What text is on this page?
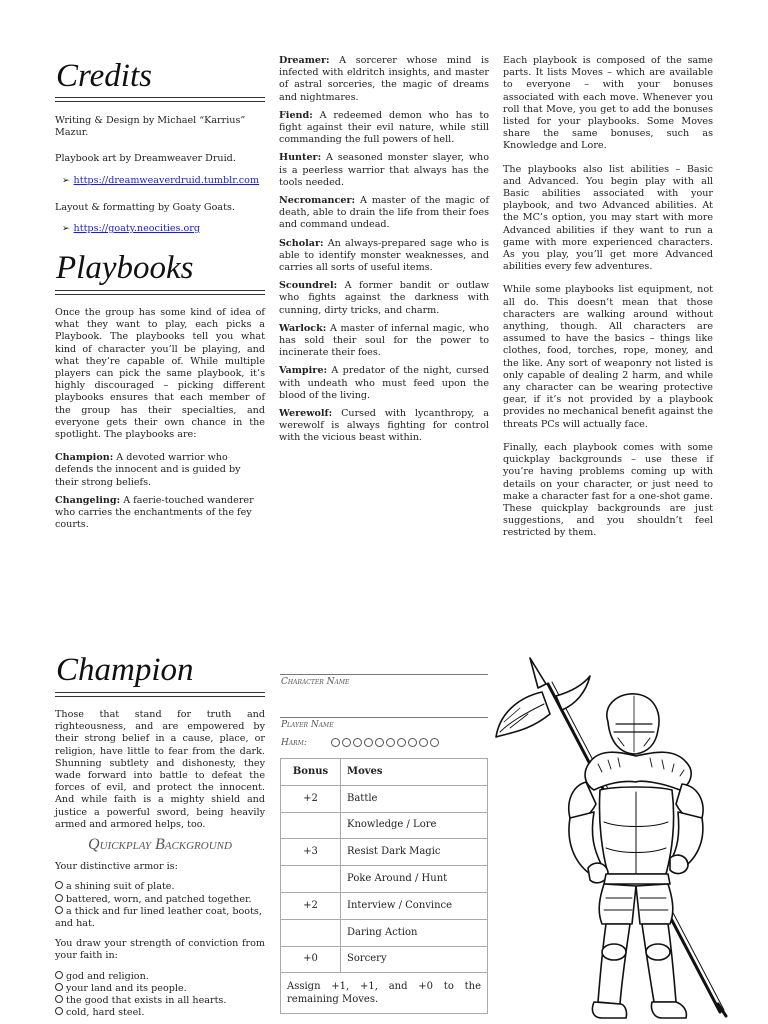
Credits

Writing & Design by Michael “Karrius” Mazur.

Playbook art by Dreamweaver Druid.

➢ https://dreamweaverdruid.tumblr.com

Layout & formatting by Goaty Goats.

➢ https://goaty.neocities.org
Playbooks

Once the group has some kind of idea of what they want to play, each picks a Playbook. The playbooks tell you what kind of character you’ll be playing, and what they’re capable of. While multiple players can pick the same playbook, it’s highly discouraged – picking different playbooks ensures that each member of the group has their specialties, and everyone gets their own chance in the spotlight. The playbooks are:

Champion: A devoted warrior who defends the innocent and is guided by their strong beliefs.
Changeling: A faerie-touched wanderer who carries the enchantments of the fey courts.
Dreamer: A sorcerer whose mind is infected with eldritch insights, and master of astral sorceries, the magic of dreams and nightmares.
Fiend: A redeemed demon who has to fight against their evil nature, while still commanding the full powers of hell.
Hunter: A seasoned monster slayer, who is a peerless warrior that always has the tools needed.
Necromancer: A master of the magic of death, able to drain the life from their foes and command undead.
Scholar: An always-prepared sage who is able to identify monster weaknesses, and carries all sorts of useful items.
Scoundrel: A former bandit or outlaw who fights against the darkness with cunning, dirty tricks, and charm.
Warlock: A master of infernal magic, who has sold their soul for the power to incinerate their foes.
Vampire: A predator of the night, cursed with undeath who must feed upon the blood of the living.
Werewolf: Cursed with lycanthropy, a werewolf is always fighting for control with the vicious beast within.

Each playbook is composed of the same parts. It lists Moves – which are available to everyone – with your bonuses associated with each move. Whenever you roll that Move, you get to add the bonuses listed for your playbooks. Some Moves share the same bonuses, such as Knowledge and Lore.

The playbooks also list abilities – Basic and Advanced. You begin play with all Basic abilities associated with your playbook, and two Advanced abilities. At the MC’s option, you may start with more Advanced abilities if they want to run a game with more experienced characters. As you play, you’ll get more Advanced abilities every few adventures.

While some playbooks list equipment, not all do. This doesn’t mean that those characters are walking around without anything, though. All characters are assumed to have the basics – things like clothes, food, torches, rope, money, and the like. Any sort of weaponry not listed is only capable of dealing 2 harm, and while any character can be wearing protective gear, if it’s not provided by a playbook provides no mechanical benefit against the threats PCs will actually face.

Finally, each playbook comes with some quickplay backgrounds – use these if you’re having problems coming up with details on your character, or just need to make a character fast for a one-shot game. These quickplay backgrounds are just suggestions, and you shouldn’t feel restricted by them.

Champion

Those that stand for truth and righteousness, and are empowered by their strong belief in a cause, place, or religion, have little to fear from the dark. Shunning subtlety and dishonesty, they wade forward into battle to defeat the forces of evil, and protect the innocent. And while faith is a mighty shield and justice a powerful sword, being heavily armed and armored helps, too.

Quickplay Background

Your distinctive armor is:

a shining suit of plate.
battered, worn, and patched together.
a thick and fur lined leather coat, boots, and hat.

You draw your strength of conviction from your faith in:

god and religion.
your land and its people.
the good that exists in all hearts.
cold, hard steel.
Character Name
Player Name
Harm:
Bonus	Moves
+2	Battle
	Knowledge / Lore
+3	Resist Dark Magic
	Poke Around / Hunt
+2	Interview / Convince
	Daring Action
+0	Sorcery
Assign +1, +1, and +0 to the remaining Moves.	
